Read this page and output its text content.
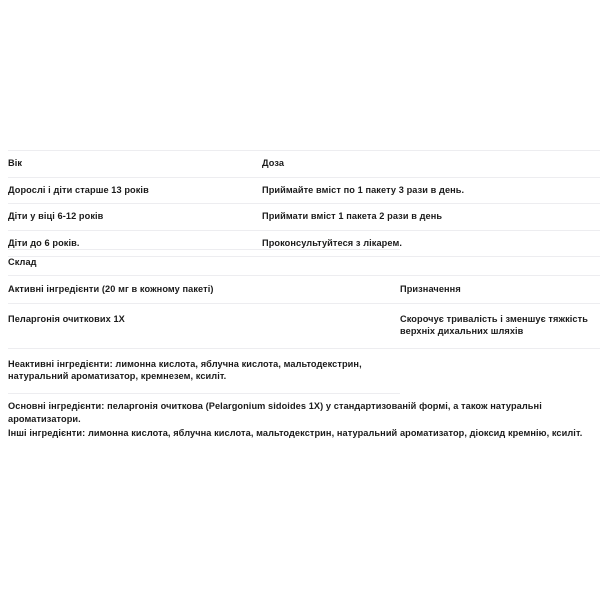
Вік	Доза
Дорослі і діти старше 13 років	Приймайте вміст по 1 пакету 3 рази в день.
Діти у віці 6-12 років	Приймати вміст 1 пакета 2 рази в день
Діти до 6 років.	Проконсультуйтеся з лікарем.
Склад	
Активні інгредієнти (20 мг в кожному пакеті)	Призначення
Пеларгонія очиткових 1X	Скорочує тривалість і зменшує тяжкість верхніх дихальних шляхів
Неактивні інгредієнти: лимонна кислота, яблучна кислота, мальтодекстрин, натуральний ароматизатор, кремнезем, ксиліт.	

Основні інгредієнти: пеларгонія очиткова (Pelargonium sidoides 1X) у стандартизованій формі, а також натуральні ароматизатори.

Інші інгредієнти: лимонна кислота, яблучна кислота, мальтодекстрин, натуральний ароматизатор, діоксид кремнію, ксиліт.
